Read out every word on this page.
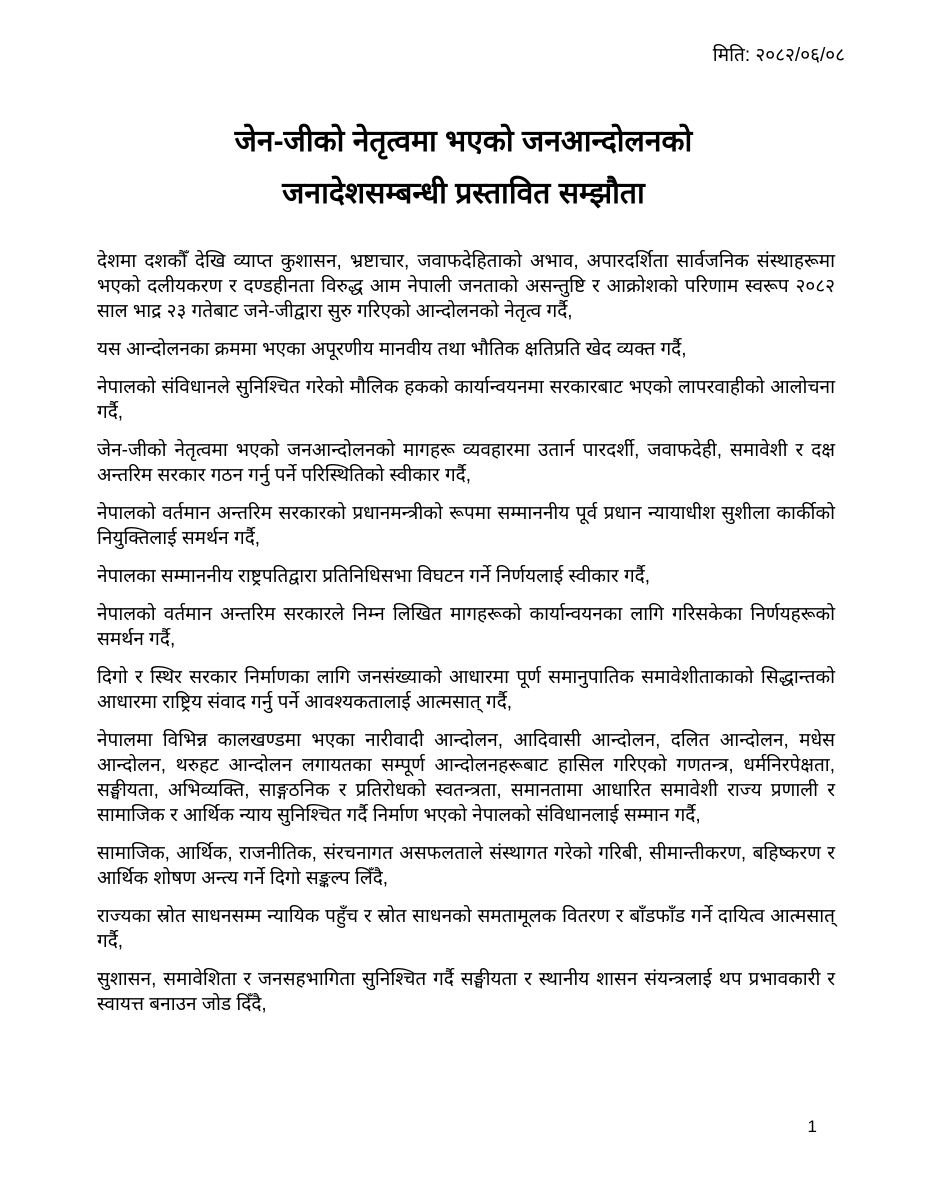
मिति: २०८२/०६/०८
जेन-जीको नेतृत्वमा भएको जनआन्दोलनको
जनादेशसम्बन्धी प्रस्तावित सम्झौता

देशमा दशकौँ देखि व्याप्त कुशासन, भ्रष्टाचार, जवाफदेहिताको अभाव, अपारदर्शिता सार्वजनिक संस्थाहरूमा भएको दलीयकरण र दण्डहीनता विरुद्ध आम नेपाली जनताको असन्तुष्टि र आक्रोशको परिणाम स्वरूप २०८२ साल भाद्र २३ गतेबाट जने-जीद्वारा सुरु गरिएको आन्दोलनको नेतृत्व गर्दै,

यस आन्दोलनका क्रममा भएका अपूरणीय मानवीय तथा भौतिक क्षतिप्रति खेद व्यक्त गर्दै,

नेपालको संविधानले सुनिश्चित गरेको मौलिक हकको कार्यान्वयनमा सरकारबाट भएको लापरवाहीको आलोचना गर्दै,

जेन-जीको नेतृत्वमा भएको जनआन्दोलनको मागहरू व्यवहारमा उतार्न पारदर्शी, जवाफदेही, समावेशी र दक्ष अन्तरिम सरकार गठन गर्नु पर्ने परिस्थितिको स्वीकार गर्दै,

नेपालको वर्तमान अन्तरिम सरकारको प्रधानमन्त्रीको रूपमा सम्माननीय पूर्व प्रधान न्यायाधीश सुशीला कार्कीको नियुक्तिलाई समर्थन गर्दै,

नेपालका सम्माननीय राष्ट्रपतिद्वारा प्रतिनिधिसभा विघटन गर्ने निर्णयलाई स्वीकार गर्दै,

नेपालको वर्तमान अन्तरिम सरकारले निम्न लिखित मागहरूको कार्यान्वयनका लागि गरिसकेका निर्णयहरूको समर्थन गर्दै,

दिगो र स्थिर सरकार निर्माणका लागि जनसंख्याको आधारमा पूर्ण समानुपातिक समावेशीताकाको सिद्धान्तको आधारमा राष्ट्रिय संवाद गर्नु पर्ने आवश्यकतालाई आत्मसात् गर्दै,

नेपालमा विभिन्न कालखण्डमा भएका नारीवादी आन्दोलन, आदिवासी आन्दोलन, दलित आन्दोलन, मधेस आन्दोलन, थरुहट आन्दोलन लगायतका सम्पूर्ण आन्दोलनहरूबाट हासिल गरिएको गणतन्त्र, धर्मनिरपेक्षता, सङ्घीयता, अभिव्यक्ति, साङ्गठनिक र प्रतिरोधको स्वतन्त्रता, समानतामा आधारित समावेशी राज्य प्रणाली र सामाजिक र आर्थिक न्याय सुनिश्चित गर्दै निर्माण भएको नेपालको संविधानलाई सम्मान गर्दै,

सामाजिक, आर्थिक, राजनीतिक, संरचनागत असफलताले संस्थागत गरेको गरिबी, सीमान्तीकरण, बहिष्करण र आर्थिक शोषण अन्त्य गर्ने दिगो सङ्कल्प लिँदै,

राज्यका स्रोत साधनसम्म न्यायिक पहुँच र स्रोत साधनको समतामूलक वितरण र बाँडफाँड गर्ने दायित्व आत्मसात् गर्दै,

सुशासन, समावेशिता र जनसहभागिता सुनिश्चित गर्दै सङ्घीयता र स्थानीय शासन संयन्त्रलाई थप प्रभावकारी र स्वायत्त बनाउन जोड दिँदै,

1
